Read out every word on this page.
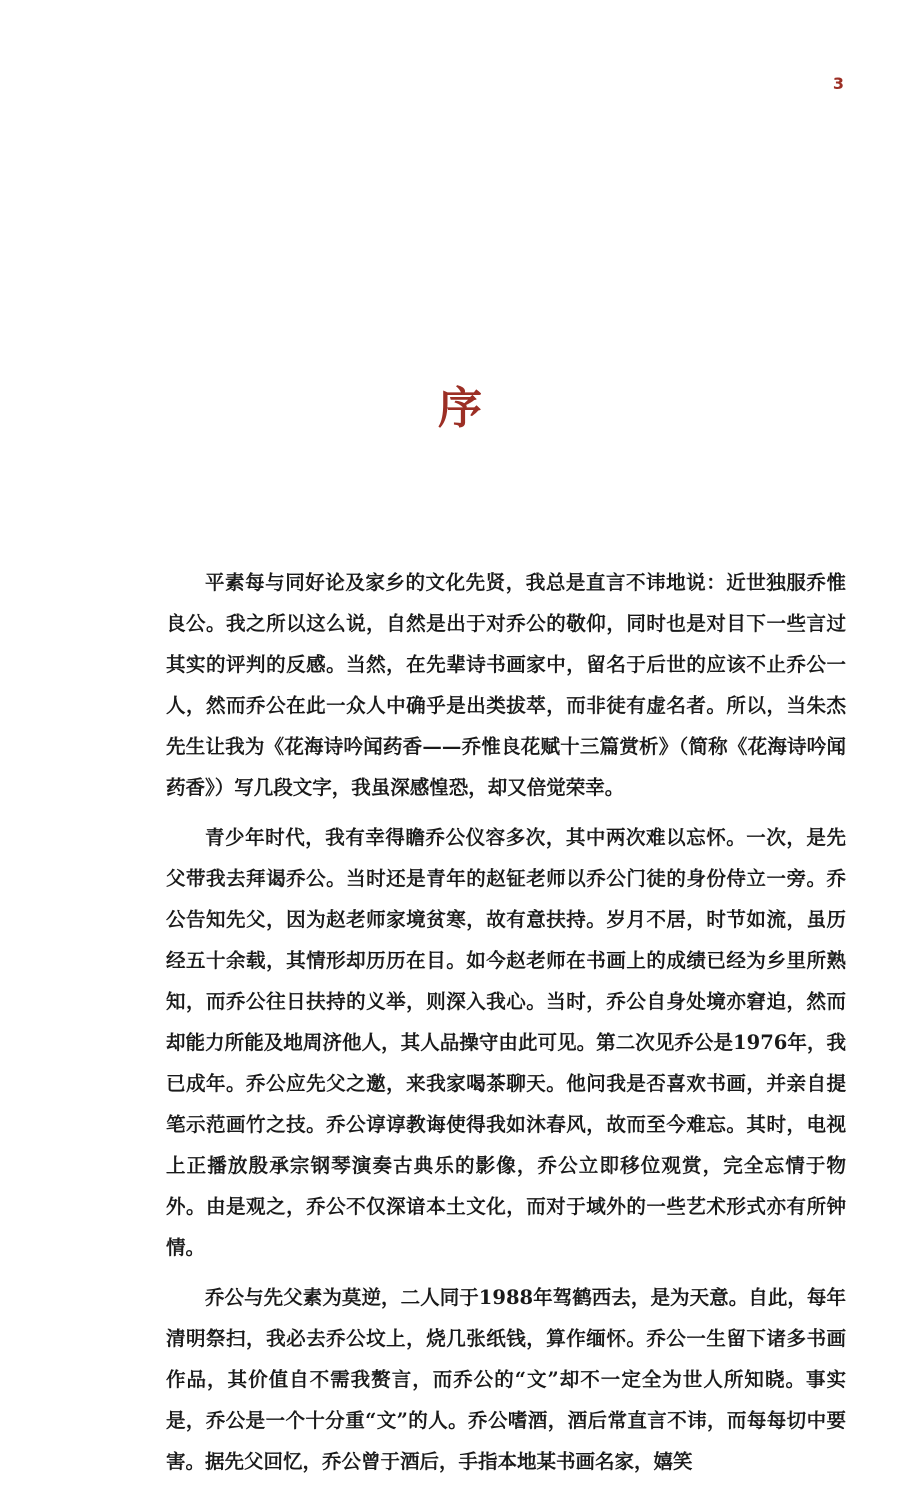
3
序

平素每与同好论及家乡的文化先贤，我总是直言不讳地说：近世独服乔惟良公。我之所以这么说，自然是出于对乔公的敬仰，同时也是对目下一些言过其实的评判的反感。当然，在先辈诗书画家中，留名于后世的应该不止乔公一人，然而乔公在此一众人中确乎是出类拔萃，而非徒有虚名者。所以，当朱杰先生让我为《花海诗吟闻药香——乔惟良花赋十三篇赏析》（简称《花海诗吟闻药香》）写几段文字，我虽深感惶恐，却又倍觉荣幸。

青少年时代，我有幸得瞻乔公仪容多次，其中两次难以忘怀。一次，是先父带我去拜谒乔公。当时还是青年的赵钲老师以乔公门徒的身份侍立一旁。乔公告知先父，因为赵老师家境贫寒，故有意扶持。岁月不居，时节如流，虽历经五十余载，其情形却历历在目。如今赵老师在书画上的成绩已经为乡里所熟知，而乔公往日扶持的义举，则深入我心。当时，乔公自身处境亦窘迫，然而却能力所能及地周济他人，其人品操守由此可见。第二次见乔公是1976年，我已成年。乔公应先父之邀，来我家喝茶聊天。他问我是否喜欢书画，并亲自提笔示范画竹之技。乔公谆谆教诲使得我如沐春风，故而至今难忘。其时，电视上正播放殷承宗钢琴演奏古典乐的影像，乔公立即移位观赏，完全忘情于物外。由是观之，乔公不仅深谙本土文化，而对于域外的一些艺术形式亦有所钟情。

乔公与先父素为莫逆，二人同于1988年驾鹤西去，是为天意。自此，每年清明祭扫，我必去乔公坟上，烧几张纸钱，算作缅怀。乔公一生留下诸多书画作品，其价值自不需我赘言，而乔公的“文”却不一定全为世人所知晓。事实是，乔公是一个十分重“文”的人。乔公嗜酒，酒后常直言不讳，而每每切中要害。据先父回忆，乔公曾于酒后，手指本地某书画名家，嬉笑
